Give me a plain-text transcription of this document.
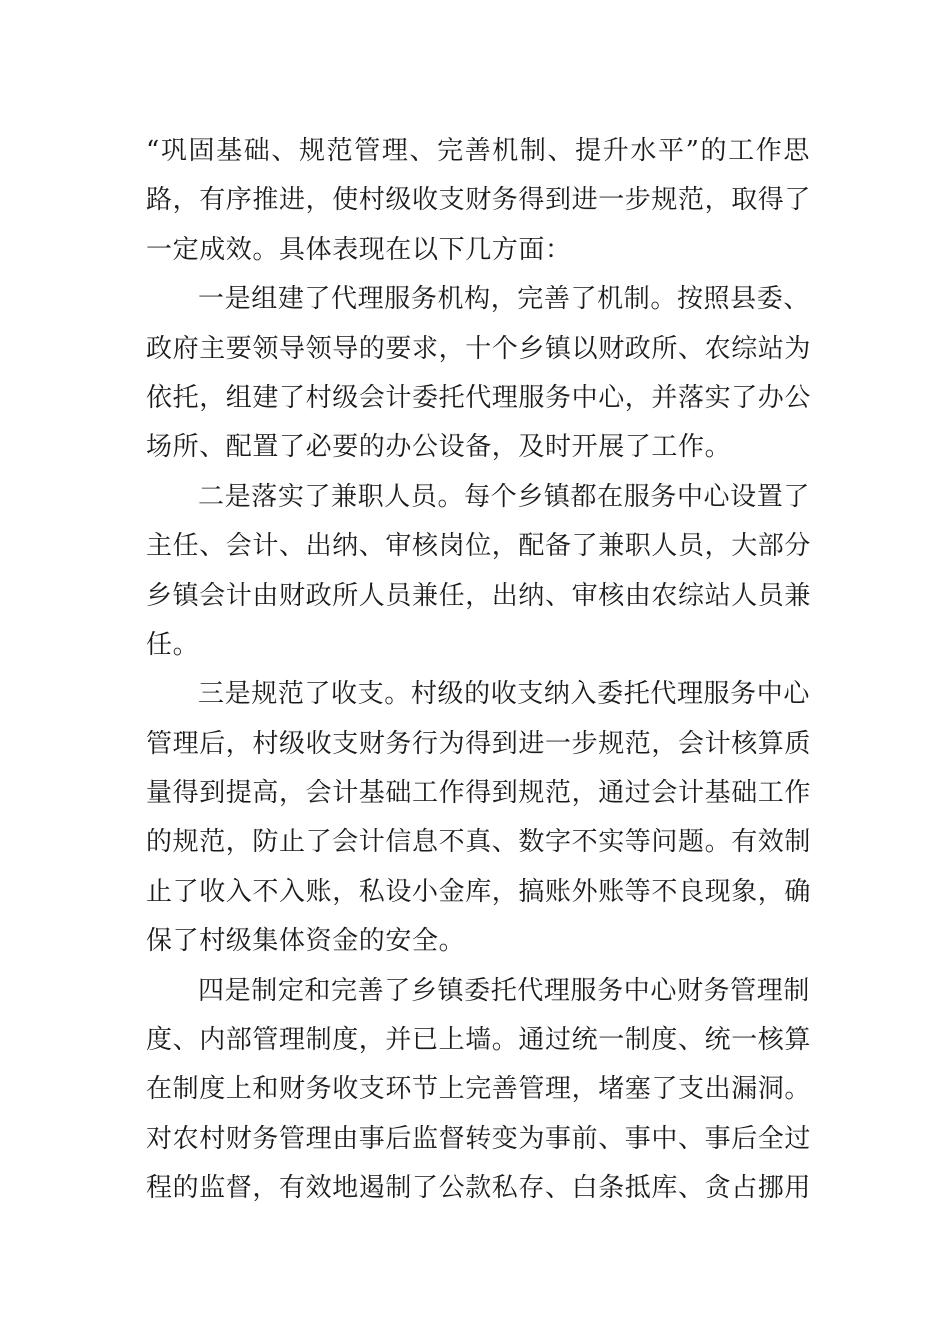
“巩固基础、规范管理、完善机制、提升水平”的工作思
路，有序推进，使村级收支财务得到进一步规范，取得了
一定成效。具体表现在以下几方面：
一是组建了代理服务机构，完善了机制。按照县委、
政府主要领导领导的要求，十个乡镇以财政所、农综站为
依托，组建了村级会计委托代理服务中心，并落实了办公
场所、配置了必要的办公设备，及时开展了工作。
二是落实了兼职人员。每个乡镇都在服务中心设置了
主任、会计、出纳、审核岗位，配备了兼职人员，大部分
乡镇会计由财政所人员兼任，出纳、审核由农综站人员兼
任。
三是规范了收支。村级的收支纳入委托代理服务中心
管理后，村级收支财务行为得到进一步规范，会计核算质
量得到提高，会计基础工作得到规范，通过会计基础工作
的规范，防止了会计信息不真、数字不实等问题。有效制
止了收入不入账，私设小金库，搞账外账等不良现象，确
保了村级集体资金的安全。
四是制定和完善了乡镇委托代理服务中心财务管理制
度、内部管理制度，并已上墙。通过统一制度、统一核算
在制度上和财务收支环节上完善管理，堵塞了支出漏洞。
对农村财务管理由事后监督转变为事前、事中、事后全过
程的监督，有效地遏制了公款私存、白条抵库、贪占挪用
